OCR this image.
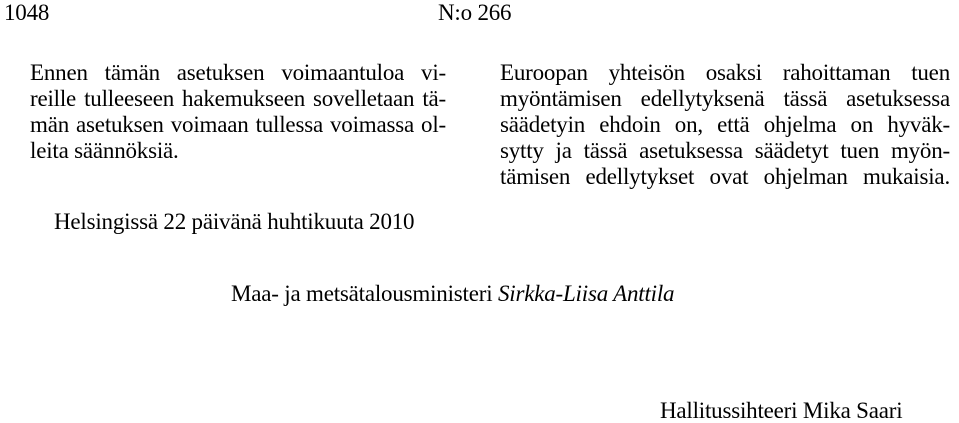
1048	N:o 266
Ennen tämän asetuksen voimaantuloa vi-
reille tulleeseen hakemukseen sovelletaan tä-
män asetuksen voimaan tullessa voimassa ol-
leita säännöksiä.
Euroopan yhteisön osaksi rahoittaman tuen
myöntämisen edellytyksenä tässä asetuksessa
säädetyin ehdoin on, että ohjelma on hyväk-
sytty ja tässä asetuksessa säädetyt tuen myön-
tämisen edellytykset ovat ohjelman mukaisia.
Helsingissä 22 päivänä huhtikuuta 2010
Maa- ja metsätalousministeri Sirkka-Liisa Anttila
Hallitussihteeri Mika Saari
